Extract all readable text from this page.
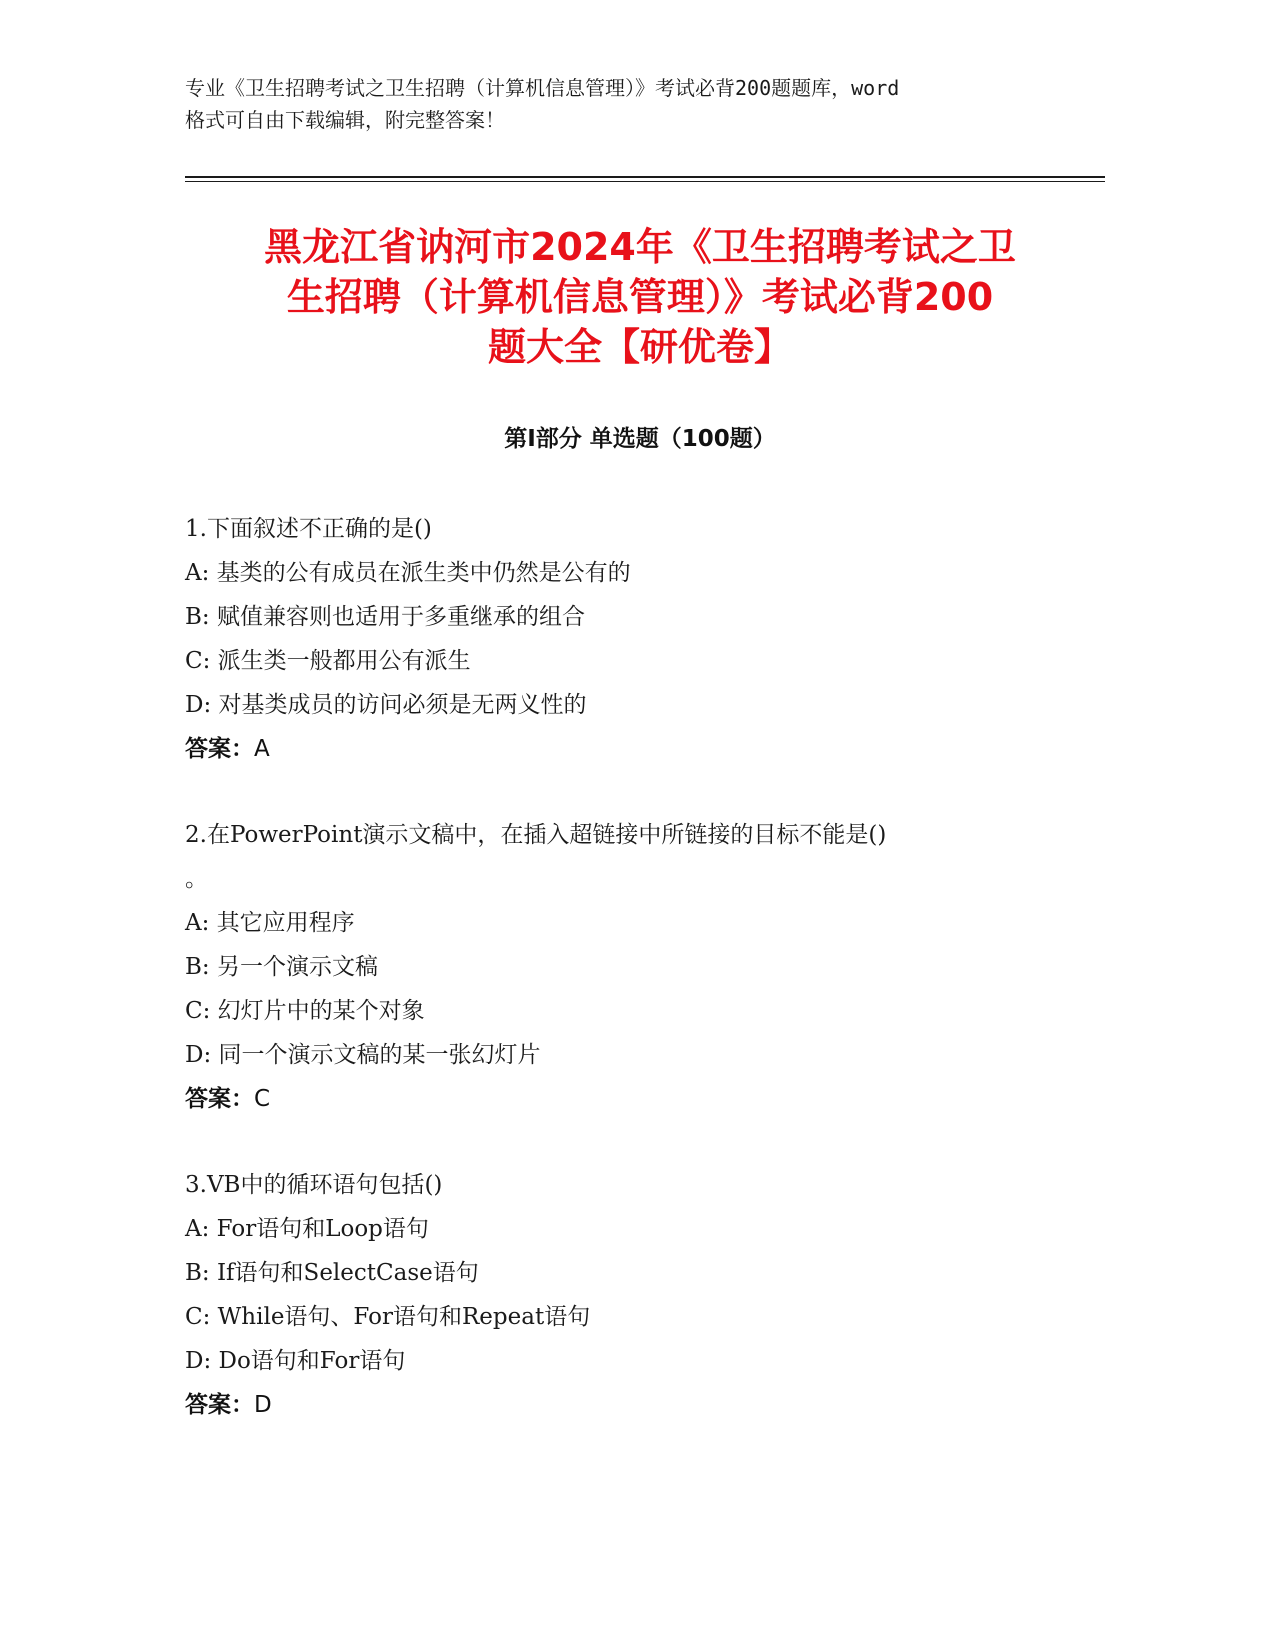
专业《卫生招聘考试之卫生招聘（计算机信息管理）》考试必背200题题库，word
格式可自由下载编辑，附完整答案！
黑龙江省讷河市2024年《卫生招聘考试之卫
生招聘（计算机信息管理）》考试必背200
题大全【研优卷】
第Ⅰ部分 单选题（100题）
1.下面叙述不正确的是()
A: 基类的公有成员在派生类中仍然是公有的
B: 赋值兼容则也适用于多重继承的组合
C: 派生类一般都用公有派生
D: 对基类成员的访问必须是无两义性的
答案：A
2.在PowerPoint演示文稿中，在插入超链接中所链接的目标不能是()
。
A: 其它应用程序
B: 另一个演示文稿
C: 幻灯片中的某个对象
D: 同一个演示文稿的某一张幻灯片
答案：C
3.VB中的循环语句包括()
A: For语句和Loop语句
B: If语句和SelectCase语句
C: While语句、For语句和Repeat语句
D: Do语句和For语句
答案：D
